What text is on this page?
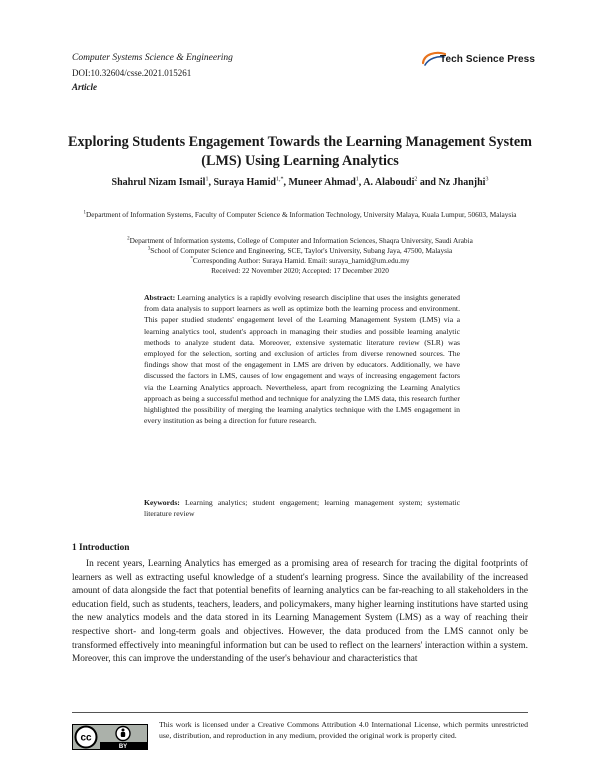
Computer Systems Science & Engineering
DOI:10.32604/csse.2021.015261
Article
Tech Science Press
Exploring Students Engagement Towards the Learning Management System (LMS) Using Learning Analytics
Shahrul Nizam Ismail$^1$, Suraya Hamid$^{1,*}$, Muneer Ahmad$^1$, A. Alaboudi$^2$ and Nz Jhanjhi$^3$
$^1$Department of Information Systems, Faculty of Computer Science & Information Technology, University Malaya, Kuala Lumpur, 50603, Malaysia
$^2$Department of Information systems, College of Computer and Information Sciences, Shaqra University, Saudi Arabia
$^3$School of Computer Science and Engineering, SCE, Taylor's University, Subang Jaya, 47500, Malaysia
*Corresponding Author: Suraya Hamid. Email: suraya_hamid@um.edu.my
Received: 22 November 2020; Accepted: 17 December 2020
Abstract: Learning analytics is a rapidly evolving research discipline that uses the insights generated from data analysis to support learners as well as optimize both the learning process and environment. This paper studied students' engagement level of the Learning Management System (LMS) via a learning analytics tool, student's approach in managing their studies and possible learning analytic methods to analyze student data. Moreover, extensive systematic literature review (SLR) was employed for the selection, sorting and exclusion of articles from diverse renowned sources. The findings show that most of the engagement in LMS are driven by educators. Additionally, we have discussed the factors in LMS, causes of low engagement and ways of increasing engagement factors via the Learning Analytics approach. Nevertheless, apart from recognizing the Learning Analytics approach as being a successful method and technique for analyzing the LMS data, this research further highlighted the possibility of merging the learning analytics technique with the LMS engagement in every institution as being a direction for future research.
Keywords: Learning analytics; student engagement; learning management system; systematic literature review
1 Introduction
In recent years, Learning Analytics has emerged as a promising area of research for tracing the digital footprints of learners as well as extracting useful knowledge of a student's learning progress. Since the availability of the increased amount of data alongside the fact that potential benefits of learning analytics can be far-reaching to all stakeholders in the education field, such as students, teachers, leaders, and policymakers, many higher learning institutions have started using the new analytics models and the data stored in its Learning Management System (LMS) as a way of reaching their respective short- and long-term goals and objectives. However, the data produced from the LMS cannot only be transformed effectively into meaningful information but can be used to reflect on the learners' interaction within a system. Moreover, this can improve the understanding of the user's behaviour and characteristics that
cc
BY
This work is licensed under a Creative Commons Attribution 4.0 International License, which permits unrestricted use, distribution, and reproduction in any medium, provided the original work is properly cited.
